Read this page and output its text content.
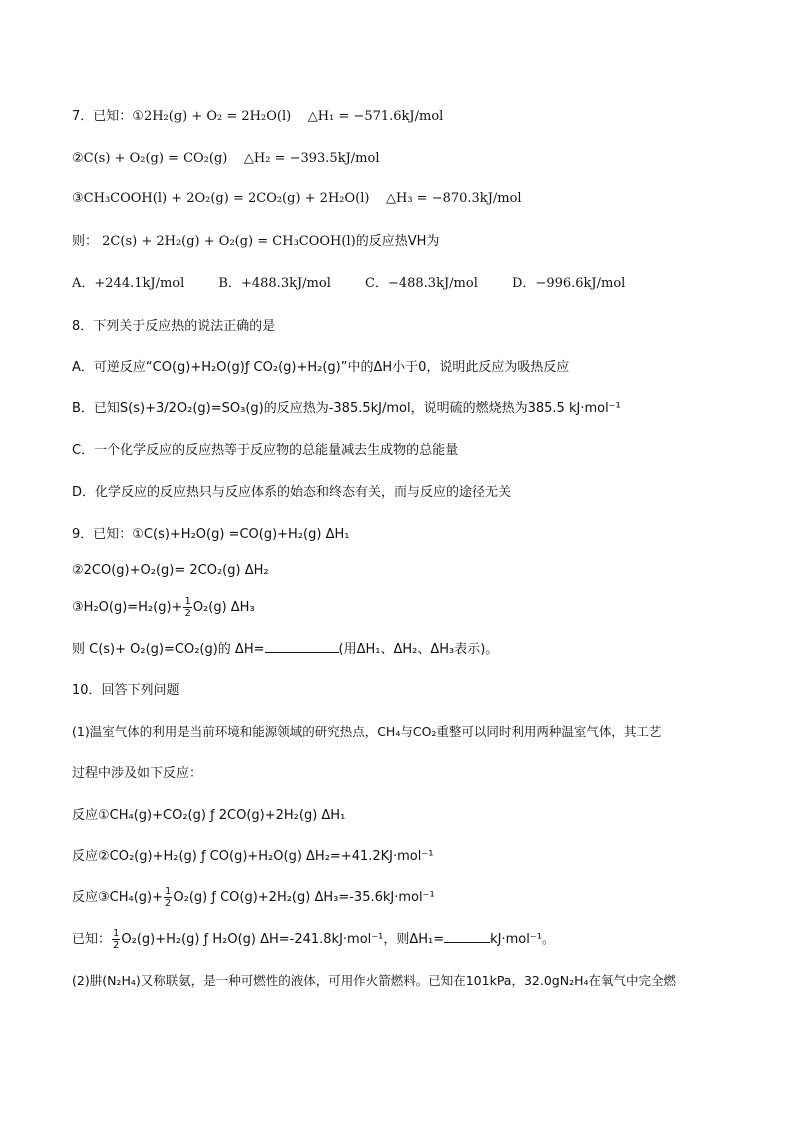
7．已知：①2H₂(g) + O₂ = 2H₂O(l) △H₁ = −571.6kJ/mol
②C(s) + O₂(g) = CO₂(g) △H₂ = −393.5kJ/mol
③CH₃COOH(l) + 2O₂(g) = 2CO₂(g) + 2H₂O(l) △H₃ = −870.3kJ/mol
则： 2C(s) + 2H₂(g) + O₂(g) = CH₃COOH(l)的反应热VH为
A．+244.1kJ/mol	B．+488.3kJ/mol	C．−488.3kJ/mol	D．−996.6kJ/mol
8．下列关于反应热的说法正确的是
A．可逆反应“CO(g)+H₂O(g)ƒ CO₂(g)+H₂(g)”中的ΔH小于0，说明此反应为吸热反应
B．已知S(s)+3/2O₂(g)=SO₃(g)的反应热为-385.5kJ/mol，说明硫的燃烧热为385.5 kJ·mol⁻¹
C．一个化学反应的反应热等于反应物的总能量减去生成物的总能量
D．化学反应的反应热只与反应体系的始态和终态有关，而与反应的途径无关
9．已知：①C(s)+H₂O(g) =CO(g)+H₂(g) ΔH₁
②2CO(g)+O₂(g)= 2CO₂(g) ΔH₂
③H₂O(g)=H₂(g)+ $\frac{1}{2} O_2(g)$ ΔH₃
则 C(s)+ O₂(g)=CO₂(g)的 ΔH=	(用ΔH₁、ΔH₂、ΔH₃表示)。
10．回答下列问题
(1)温室气体的利用是当前环境和能源领域的研究热点，CH₄与CO₂重整可以同时利用两种温室气体，其工艺
过程中涉及如下反应：
反应①CH₄(g)+CO₂(g) ƒ 2CO(g)+2H₂(g) ΔH₁
反应②CO₂(g)+H₂(g) ƒ CO(g)+H₂O(g) ΔH₂=+41.2KJ·mol⁻¹
反应③CH₄(g)+ $\frac{1}{2} O_2(g)$ ƒ CO(g)+2H₂(g) ΔH₃=-35.6kJ·mol⁻¹
已知： $\frac{1}{2} O_2(g)+H_2(g)$ ƒ H₂O(g) ΔH=-241.8kJ·mol⁻¹，则ΔH₁=	kJ·mol⁻¹。
(2)肼(N₂H₄)又称联氨，是一种可燃性的液体，可用作火箭燃料。已知在101kPa，32.0gN₂H₄在氧气中完全燃
